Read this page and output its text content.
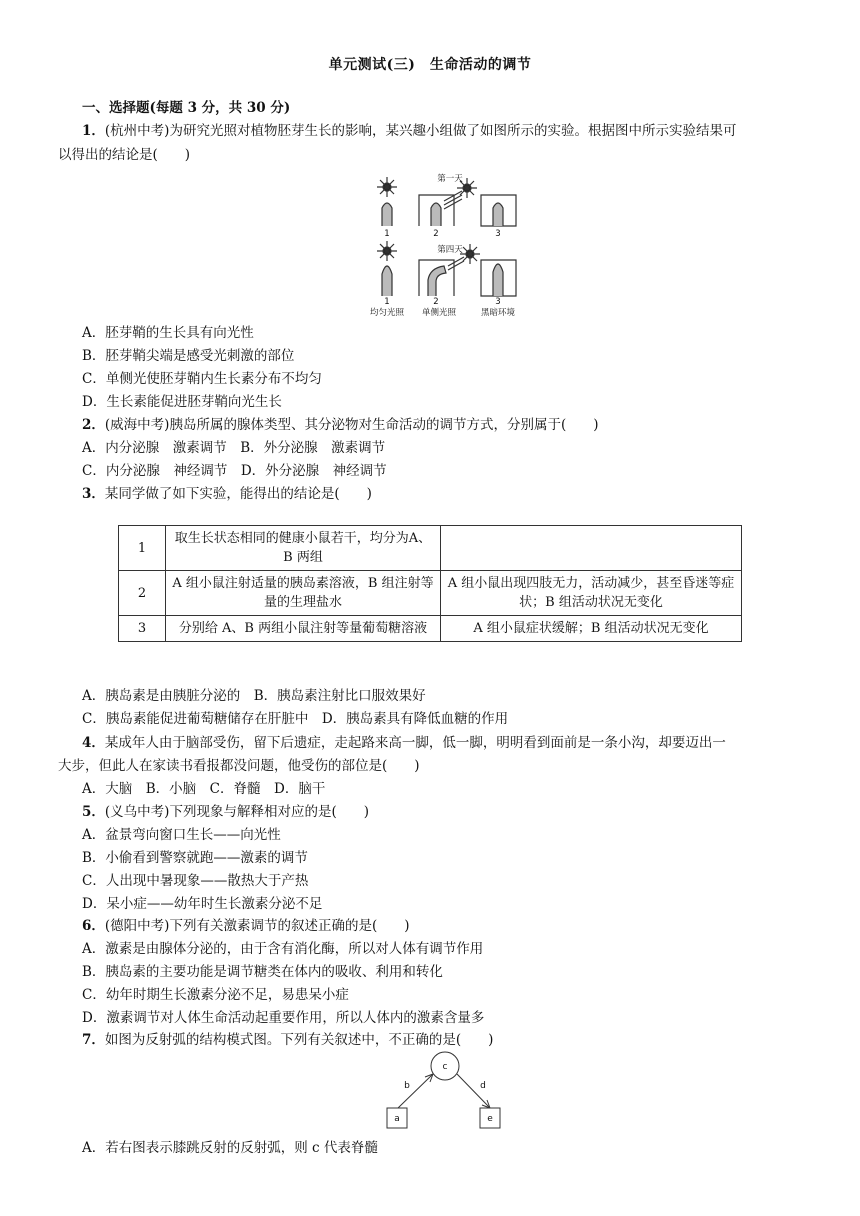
单元测试(三)　生命活动的调节
一、选择题(每题 3 分，共 30 分)
1．(杭州中考)为研究光照对植物胚芽生长的影响，某兴趣小组做了如图所示的实验。根据图中所示实验结果可
以得出的结论是(　　)
第一天
1	2	3
第四天
1	2	3
均匀光照 单侧光照	黑暗环境
A．胚芽鞘的生长具有向光性
B．胚芽鞘尖端是感受光刺激的部位
C．单侧光使胚芽鞘内生长素分布不均匀
D．生长素能促进胚芽鞘向光生长
2．(威海中考)胰岛所属的腺体类型、其分泌物对生命活动的调节方式，分别属于(　　)
A．内分泌腺　激素调节　B．外分泌腺　激素调节
C．内分泌腺　神经调节　D．外分泌腺　神经调节
3．某同学做了如下实验，能得出的结论是(　　)
1	取生长状态相同的健康小鼠若干，均分为A、B 两组	
2	A 组小鼠注射适量的胰岛素溶液，B 组注射等量的生理盐水	A 组小鼠出现四肢无力，活动减少，甚至昏迷等症状；B 组活动状况无变化
3	分别给 A、B 两组小鼠注射等量葡萄糖溶液	A 组小鼠症状缓解；B 组活动状况无变化
A．胰岛素是由胰脏分泌的　B．胰岛素注射比口服效果好
C．胰岛素能促进葡萄糖储存在肝脏中　D．胰岛素具有降低血糖的作用
4．某成年人由于脑部受伤，留下后遗症，走起路来高一脚，低一脚，明明看到面前是一条小沟，却要迈出一
大步，但此人在家读书看报都没问题，他受伤的部位是(　　)
A．大脑　B．小脑　C．脊髓　D．脑干
5．(义乌中考)下列现象与解释相对应的是(　　)
A．盆景弯向窗口生长——向光性
B．小偷看到警察就跑——激素的调节
C．人出现中暑现象——散热大于产热
D．呆小症——幼年时生长激素分泌不足
6．(德阳中考)下列有关激素调节的叙述正确的是(　　)
A．激素是由腺体分泌的，由于含有消化酶，所以对人体有调节作用
B．胰岛素的主要功能是调节糖类在体内的吸收、利用和转化
C．幼年时期生长激素分泌不足，易患呆小症
D．激素调节对人体生命活动起重要作用，所以人体内的激素含量多
7．如图为反射弧的结构模式图。下列有关叙述中，不正确的是(　　)
c
b	d
a	e
A．若右图表示膝跳反射的反射弧，则 c 代表脊髓
